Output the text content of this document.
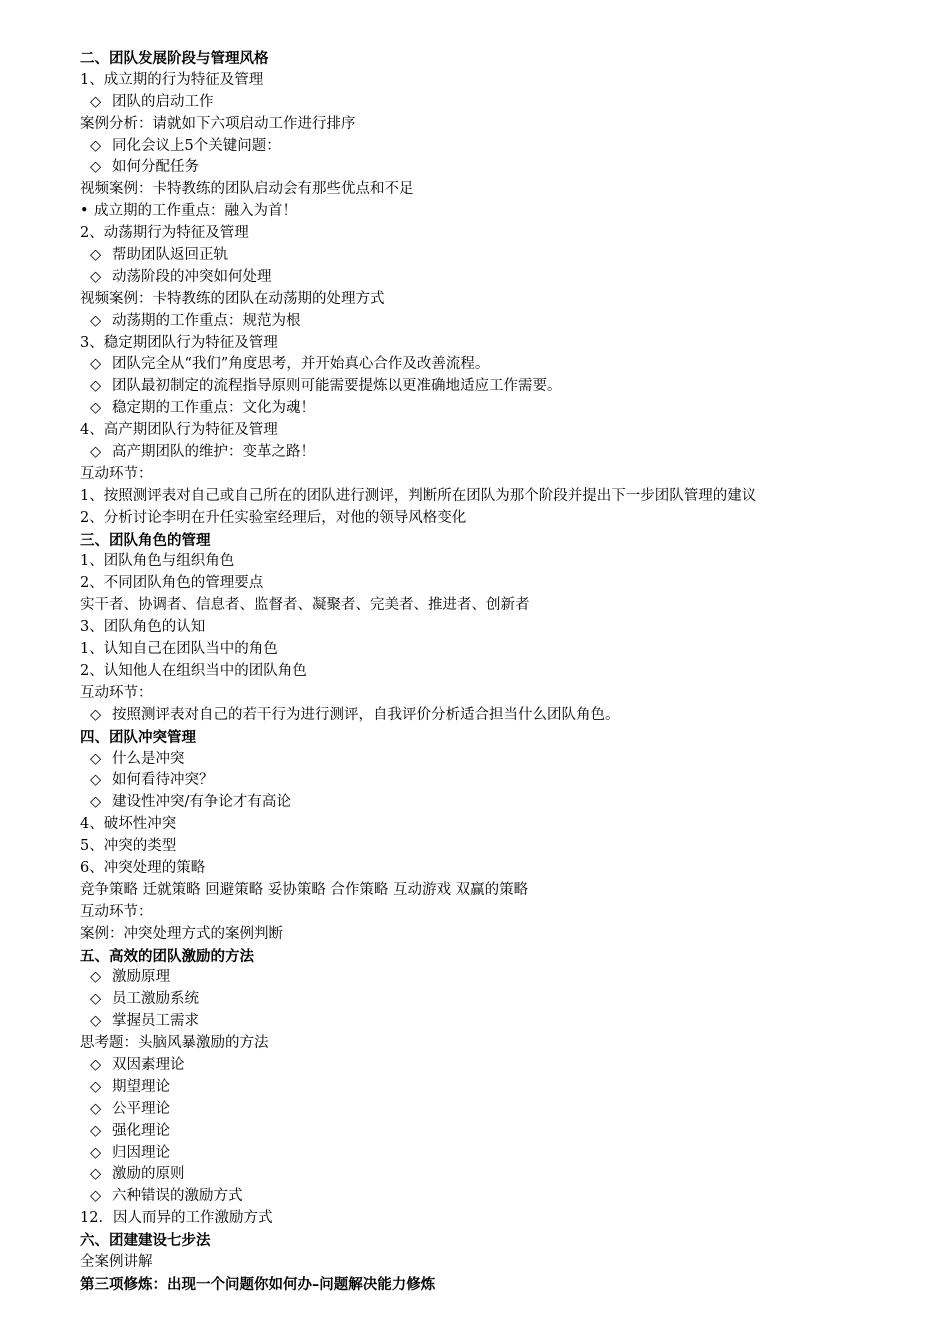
二、团队发展阶段与管理风格
1、成立期的行为特征及管理
◇ 团队的启动工作
案例分析：请就如下六项启动工作进行排序
◇ 同化会议上5个关键问题：
◇ 如何分配任务
视频案例：卡特教练的团队启动会有那些优点和不足
• 成立期的工作重点：融入为首！
2、动荡期行为特征及管理
◇ 帮助团队返回正轨
◇ 动荡阶段的冲突如何处理
视频案例：卡特教练的团队在动荡期的处理方式
◇ 动荡期的工作重点：规范为根
3、稳定期团队行为特征及管理
◇ 团队完全从“我们”角度思考，并开始真心合作及改善流程。
◇ 团队最初制定的流程指导原则可能需要提炼以更准确地适应工作需要。
◇ 稳定期的工作重点：文化为魂！
4、高产期团队行为特征及管理
◇ 高产期团队的维护：变革之路！
互动环节：
1、按照测评表对自己或自己所在的团队进行测评，判断所在团队为那个阶段并提出下一步团队管理的建议
2、分析讨论李明在升任实验室经理后，对他的领导风格变化
三、团队角色的管理
1、团队角色与组织角色
2、不同团队角色的管理要点
实干者、协调者、信息者、监督者、凝聚者、完美者、推进者、创新者
3、团队角色的认知
1、认知自己在团队当中的角色
2、认知他人在组织当中的团队角色
互动环节：
◇ 按照测评表对自己的若干行为进行测评，自我评价分析适合担当什么团队角色。
四、团队冲突管理
◇ 什么是冲突
◇ 如何看待冲突？
◇ 建设性冲突/有争论才有高论
4、破坏性冲突
5、冲突的类型
6、冲突处理的策略
竞争策略 迁就策略 回避策略 妥协策略 合作策略 互动游戏 双赢的策略
互动环节：
案例：冲突处理方式的案例判断
五、高效的团队激励的方法
◇ 激励原理
◇ 员工激励系统
◇ 掌握员工需求
思考题：头脑风暴激励的方法
◇ 双因素理论
◇ 期望理论
◇ 公平理论
◇ 强化理论
◇ 归因理论
◇ 激励的原则
◇ 六种错误的激励方式
12．因人而异的工作激励方式
六、团建建设七步法
全案例讲解
第三项修炼：出现一个问题你如何办–问题解决能力修炼
